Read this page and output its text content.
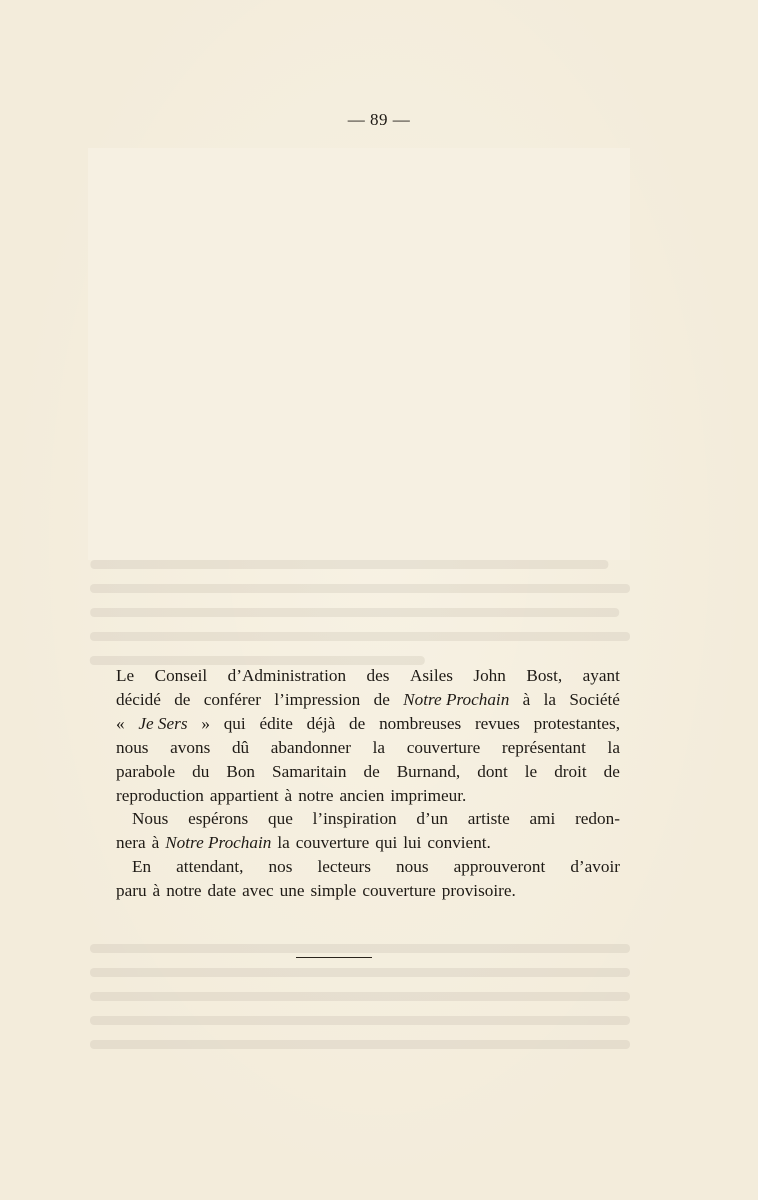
— 89 —
Le Conseil d’Administration des Asiles John Bost, ayant
décidé de conférer l’impression de Notre Prochain à la Société
« Je Sers » qui édite déjà de nombreuses revues protestantes,
nous avons dû abandonner la couverture représentant la
parabole du Bon Samaritain de Burnand, dont le droit de
reproduction appartient à notre ancien imprimeur.
Nous espérons que l’inspiration d’un artiste ami redon-
nera à Notre Prochain la couverture qui lui convient.
En attendant, nos lecteurs nous approuveront d’avoir
paru à notre date avec une simple couverture provisoire.
